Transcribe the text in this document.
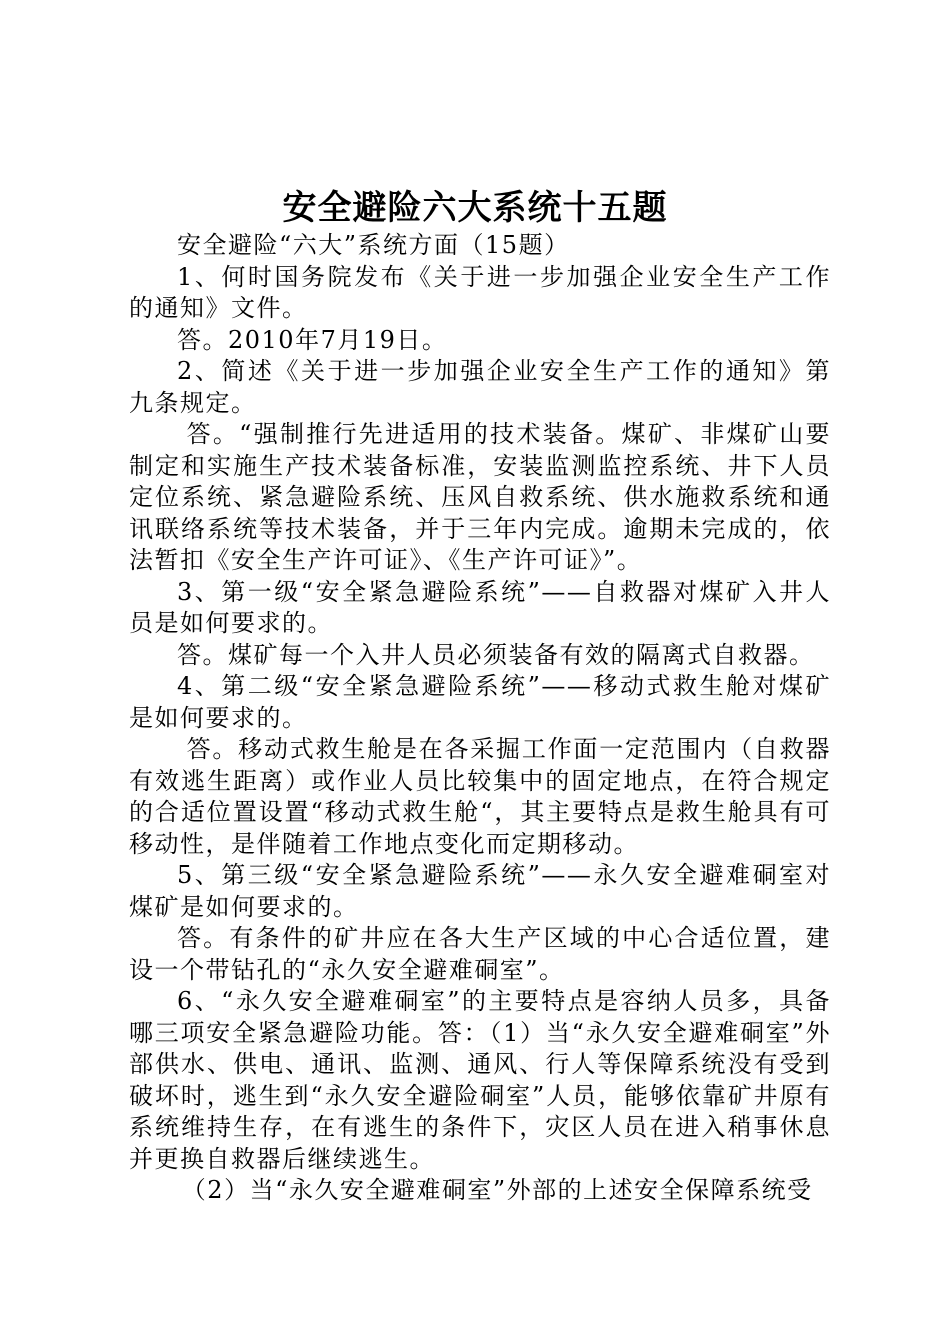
安全避险六大系统十五题

安全避险“六大”系统方面（15题）

1、何时国务院发布《关于进一步加强企业安全生产工作的通知》文件。

答。2010年7月19日。

2、简述《关于进一步加强企业安全生产工作的通知》第九条规定。

答。“强制推行先进适用的技术装备。煤矿、非煤矿山要制定和实施生产技术装备标准，安装监测监控系统、井下人员定位系统、紧急避险系统、压风自救系统、供水施救系统和通讯联络系统等技术装备，并于三年内完成。逾期未完成的，依法暂扣《安全生产许可证》、《生产许可证》”。

3、第一级“安全紧急避险系统”——自救器对煤矿入井人员是如何要求的。

答。煤矿每一个入井人员必须装备有效的隔离式自救器。

4、第二级“安全紧急避险系统”——移动式救生舱对煤矿是如何要求的。

答。移动式救生舱是在各采掘工作面一定范围内（自救器有效逃生距离）或作业人员比较集中的固定地点，在符合规定的合适位置设置“移动式救生舱“，其主要特点是救生舱具有可移动性，是伴随着工作地点变化而定期移动。

5、第三级“安全紧急避险系统”——永久安全避难硐室对煤矿是如何要求的。

答。有条件的矿井应在各大生产区域的中心合适位置，建设一个带钻孔的“永久安全避难硐室”。

6、“永久安全避难硐室”的主要特点是容纳人员多，具备哪三项安全紧急避险功能。答：（1）当“永久安全避难硐室”外部供水、供电、通讯、监测、通风、行人等保障系统没有受到破坏时，逃生到“永久安全避险硐室”人员，能够依靠矿井原有系统维持生存，在有逃生的条件下，灾区人员在进入稍事休息并更换自救器后继续逃生。

（2）当“永久安全避难硐室”外部的上述安全保障系统受
